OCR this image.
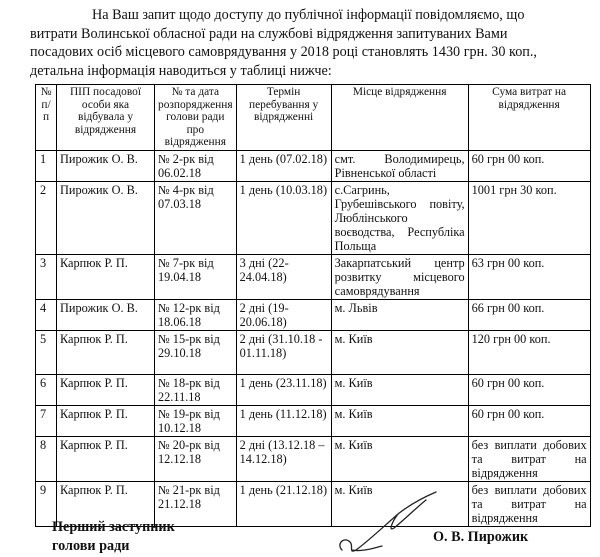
На Ваш запит щодо доступу до публічної інформації повідомляємо, що

витрати Волинської обласної ради на службові відрядження запитуваних Вами
посадових осіб місцевого самоврядування у 2018 році становлять 1430 грн. 30 коп.,
детальна інформація наводиться у таблиці нижче:
№ п/п	ПІП посадової особи яка відбувала у відрядження	№ та дата розпорядження голови ради про відрядження	Термін перебування у відрядженні	Місце відрядження	Сума витрат на відрядження
1	Пирожик О. В.	№ 2-рк від 06.02.18	1 день (07.02.18)	смт. Володимирець, Рівненської області	60 грн 00 коп.
2	Пирожик О. В.	№ 4-рк від 07.03.18	1 день (10.03.18)	с.Сагринь, Грубешівського повіту, Люблінського воєводства, Республіка Польща	1001 грн 30 коп.
3	Карпюк Р. П.	№ 7-рк від 19.04.18	3 дні (22-24.04.18)	Закарпатський центр розвитку місцевого самоврядування	63 грн 00 коп.
4	Пирожик О. В.	№ 12-рк від 18.06.18	2 дні (19-20.06.18)	м. Львів	66 грн 00 коп.
5	Карпюк Р. П.	№ 15-рк від 29.10.18	2 дні (31.10.18 - 01.11.18)	м. Київ	120 грн 00 коп.
6	Карпюк Р. П.	№ 18-рк від 22.11.18	1 день (23.11.18)	м. Київ	60 грн 00 коп.
7	Карпюк Р. П.	№ 19-рк від 10.12.18	1 день (11.12.18)	м. Київ	60 грн 00 коп.
8	Карпюк Р. П.	№ 20-рк від 12.12.18	2 дні (13.12.18 – 14.12.18)	м. Київ	без виплати добових та витрат на відрядження
9	Карпюк Р. П.	№ 21-рк від 21.12.18	1 день (21.12.18)	м. Київ	без виплати добових та витрат на відрядження
Перший заступник
голови ради
О. В. Пирожик
